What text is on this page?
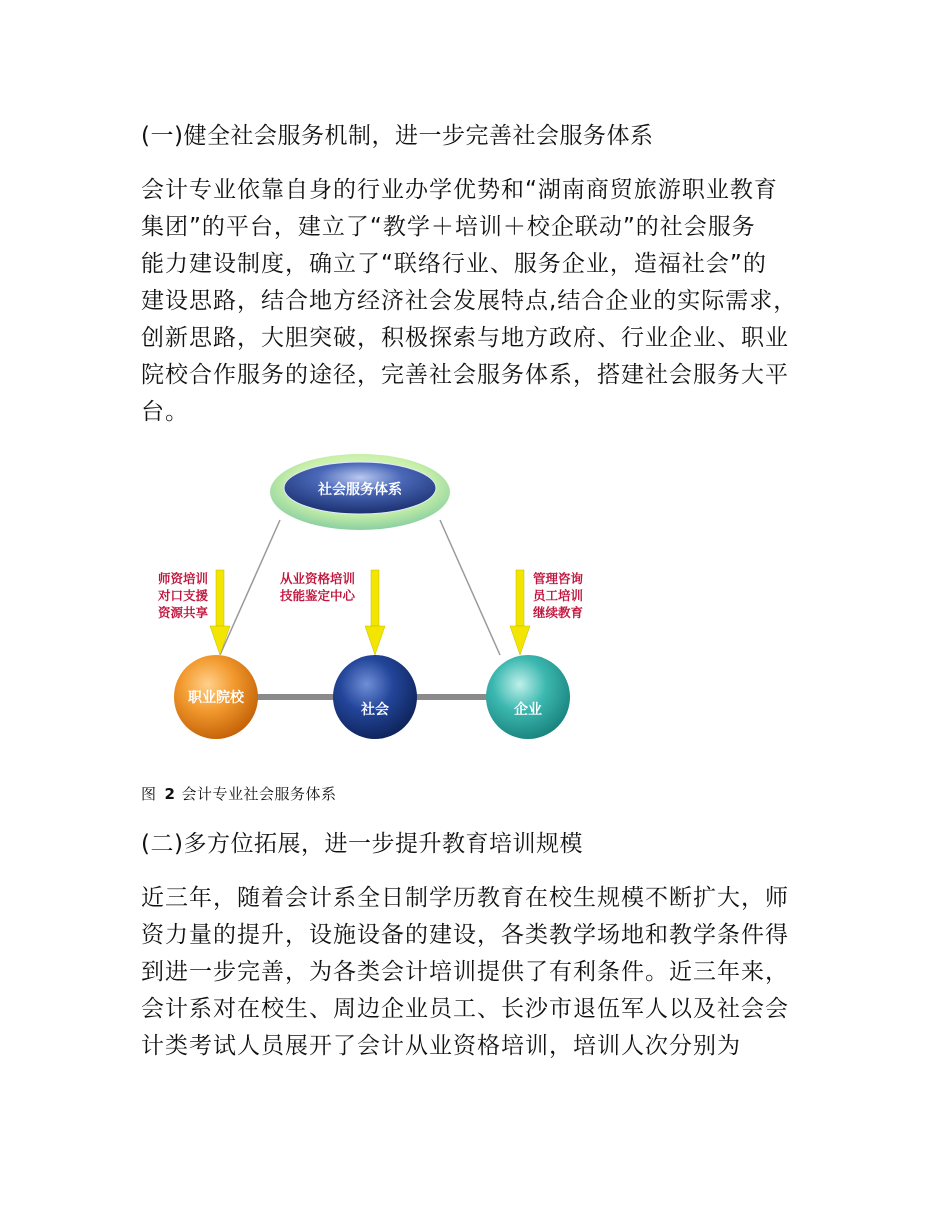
(一)健全社会服务机制，进一步完善社会服务体系

会计专业依靠自身的行业办学优势和“湖南商贸旅游职业教育
集团”的平台，建立了“教学＋培训＋校企联动”的社会服务
能力建设制度，确立了“联络行业、服务企业，造福社会”的
建设思路，结合地方经济社会发展特点,结合企业的实际需求，
创新思路，大胆突破，积极探索与地方政府、行业企业、职业
院校合作服务的途径，完善社会服务体系，搭建社会服务大平
台。

社会服务体系
师资培训
对口支援
资源共享
从业资格培训
技能鉴定中心
管理咨询
员工培训
继续教育
职业院校
社会	企业

图 2 会计专业社会服务体系

(二)多方位拓展，进一步提升教育培训规模

近三年，随着会计系全日制学历教育在校生规模不断扩大，师
资力量的提升，设施设备的建设，各类教学场地和教学条件得
到进一步完善，为各类会计培训提供了有利条件。近三年来，
会计系对在校生、周边企业员工、长沙市退伍军人以及社会会
计类考试人员展开了会计从业资格培训，培训人次分别为
